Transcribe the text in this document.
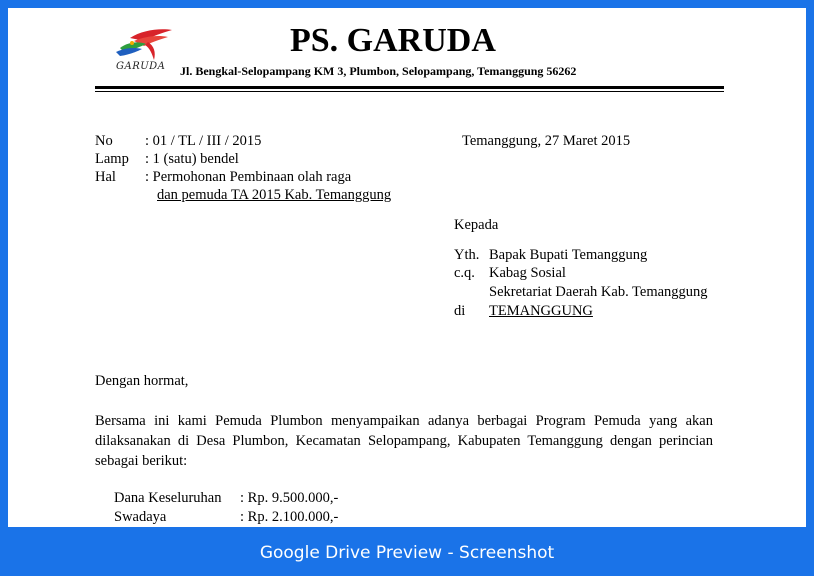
GARUDA
PS. GARUDA
Jl. Bengkal-Selopampang KM 3, Plumbon, Selopampang, Temanggung 56262
No : 01 / TL / III / 2015
Lamp : 1 (satu) bendel
Hal : Permohonan Pembinaan olah raga
dan pemuda TA 2015 Kab. Temanggung
Temanggung, 27 Maret 2015
Kepada
Yth. Bapak Bupati Temanggung
c.q. Kabag Sosial
Sekretariat Daerah Kab. Temanggung
di TEMANGGUNG
Dengan hormat,
Bersama ini kami Pemuda Plumbon menyampaikan adanya berbagai Program Pemuda yang akan dilaksanakan di Desa Plumbon, Kecamatan Selopampang, Kabupaten Temanggung dengan perincian sebagai berikut:
Dana Keseluruhan : Rp. 9.500.000,-
Swadaya	: Rp. 2.100.000,-
Google Drive Preview - Screenshot
